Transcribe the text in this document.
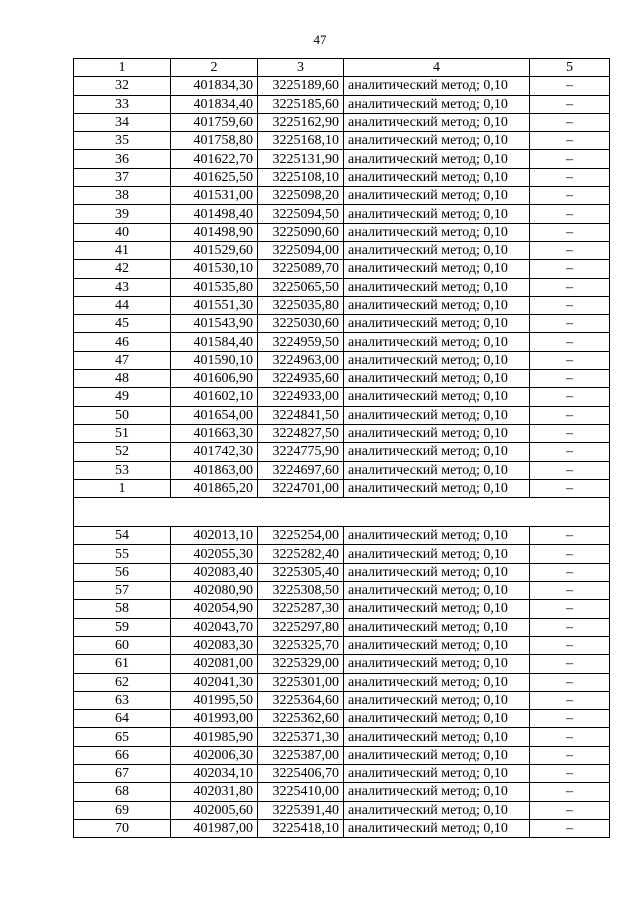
47
1	2	3	4	5
32	401834,30	3225189,60	аналитический метод; 0,10	–
33	401834,40	3225185,60	аналитический метод; 0,10	–
34	401759,60	3225162,90	аналитический метод; 0,10	–
35	401758,80	3225168,10	аналитический метод; 0,10	–
36	401622,70	3225131,90	аналитический метод; 0,10	–
37	401625,50	3225108,10	аналитический метод; 0,10	–
38	401531,00	3225098,20	аналитический метод; 0,10	–
39	401498,40	3225094,50	аналитический метод; 0,10	–
40	401498,90	3225090,60	аналитический метод; 0,10	–
41	401529,60	3225094,00	аналитический метод; 0,10	–
42	401530,10	3225089,70	аналитический метод; 0,10	–
43	401535,80	3225065,50	аналитический метод; 0,10	–
44	401551,30	3225035,80	аналитический метод; 0,10	–
45	401543,90	3225030,60	аналитический метод; 0,10	–
46	401584,40	3224959,50	аналитический метод; 0,10	–
47	401590,10	3224963,00	аналитический метод; 0,10	–
48	401606,90	3224935,60	аналитический метод; 0,10	–
49	401602,10	3224933,00	аналитический метод; 0,10	–
50	401654,00	3224841,50	аналитический метод; 0,10	–
51	401663,30	3224827,50	аналитический метод; 0,10	–
52	401742,30	3224775,90	аналитический метод; 0,10	–
53	401863,00	3224697,60	аналитический метод; 0,10	–
1	401865,20	3224701,00	аналитический метод; 0,10	–

54	402013,10	3225254,00	аналитический метод; 0,10	–
55	402055,30	3225282,40	аналитический метод; 0,10	–
56	402083,40	3225305,40	аналитический метод; 0,10	–
57	402080,90	3225308,50	аналитический метод; 0,10	–
58	402054,90	3225287,30	аналитический метод; 0,10	–
59	402043,70	3225297,80	аналитический метод; 0,10	–
60	402083,30	3225325,70	аналитический метод; 0,10	–
61	402081,00	3225329,00	аналитический метод; 0,10	–
62	402041,30	3225301,00	аналитический метод; 0,10	–
63	401995,50	3225364,60	аналитический метод; 0,10	–
64	401993,00	3225362,60	аналитический метод; 0,10	–
65	401985,90	3225371,30	аналитический метод; 0,10	–
66	402006,30	3225387,00	аналитический метод; 0,10	–
67	402034,10	3225406,70	аналитический метод; 0,10	–
68	402031,80	3225410,00	аналитический метод; 0,10	–
69	402005,60	3225391,40	аналитический метод; 0,10	–
70	401987,00	3225418,10	аналитический метод; 0,10	–
